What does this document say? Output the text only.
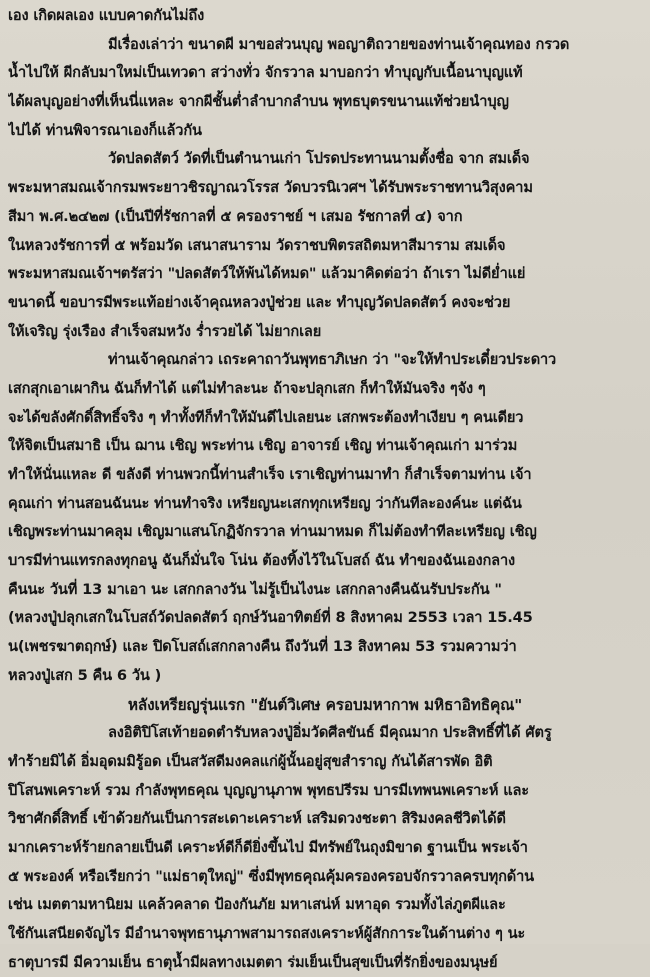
เอง เกิดผลเอง แบบคาดกันไม่ถึง
มีเรื่องเล่าว่า ขนาดผี มาขอส่วนบุญ พอญาติถวายของท่านเจ้าคุณทอง กรวด
น้ำไปให้ ผีกลับมาใหม่เป็นเทวดา สว่างทั่ว จักรวาล มาบอกว่า ทำบุญกับเนื้อนาบุญแท้
ได้ผลบุญอย่างที่เห็นนี่แหละ จากผีชั้นต่ำลำบากลำบน พุทธบุตรขนานแท้ช่วยนำบุญ
ไปได้ ท่านพิจารณาเองก็แล้วกัน
วัดปลดสัตว์ วัดที่เป็นตำนานเก่า โปรดประทานนามตั้งชื่อ จาก สมเด็จ
พระมหาสมณเจ้ากรมพระยาวชิรญาณวโรรส วัดบวรนิเวศฯ ได้รับพระราชทานวิสุงคาม
สีมา พ.ศ.๒๔๒๗ (เป็นปีที่รัชกาลที่ ๕ ครองราชย์ ฯ เสมอ รัชกาลที่ ๔) จาก
ในหลวงรัชการที่ ๕ พร้อมวัด เสนาสนาราม วัดราชบพิตรสถิตมหาสีมาราม สมเด็จ
พระมหาสมณเจ้าฯตรัสว่า "ปลดสัตว์ให้พ้นได้หมด" แล้วมาคิดต่อว่า ถ้าเรา ไม่ดีย่ำแย่
ขนาดนี้ ขอบารมีพระแท้อย่างเจ้าคุณหลวงปู่ช่วย และ ทำบุญวัดปลดสัตว์ คงจะช่วย
ให้เจริญ รุ่งเรือง สำเร็จสมหวัง ร่ำรวยได้ ไม่ยากเลย
ท่านเจ้าคุณกล่าว เถระคาถาวันพุทธาภิเษก ว่า "จะให้ทำประเดี๋ยวประดาว
เสกสุกเอาเผากิน ฉันก็ทำได้ แต่ไม่ทำละนะ ถ้าจะปลุกเสก ก็ทำให้มันจริง ๆจัง ๆ
จะได้ขลังศักดิ์สิทธิ์จริง ๆ ทำทั้งทีก็ทำให้มันดีไปเลยนะ เสกพระต้องทำเงียบ ๆ คนเดียว
ให้จิตเป็นสมาธิ เป็น ฌาน เชิญ พระท่าน เชิญ อาจารย์ เชิญ ท่านเจ้าคุณเก่า มาร่วม
ทำให้นั่นแหละ ดี ขลังดี ท่านพวกนี้ท่านสำเร็จ เราเชิญท่านมาทำ ก็สำเร็จตามท่าน เจ้า
คุณเก่า ท่านสอนฉันนะ ท่านทำจริง เหรียญนะเสกทุกเหรียญ ว่ากันทีละองค์นะ แต่ฉัน
เชิญพระท่านมาคลุม เชิญมาแสนโกฏิจักรวาล ท่านมาหมด ก็ไม่ต้องทำทีละเหรียญ เชิญ
บารมีท่านแทรกลงทุกอนู ฉันก็มั่นใจ โน่น ต้องทิ้งไว้ในโบสถ์ ฉัน ทำของฉันเองกลาง
คืนนะ วันที่ 13 มาเอา นะ เสกกลางวัน ไม่รู้เป็นไงนะ เสกกลางคืนฉันรับประกัน "
(หลวงปู่ปลุกเสกในโบสถ์วัดปลดสัตว์ ฤกษ์วันอาทิตย์ที่ 8 สิงหาคม 2553 เวลา 15.45
น(เพชรฆาตฤกษ์) และ ปิดโบสถ์เสกกลางคืน ถึงวันที่ 13 สิงหาคม 53 รวมความว่า
หลวงปู่เสก 5 คืน 6 วัน )
หลังเหรียญรุ่นแรก "ยันต์วิเศษ ครอบมหากาพ มหิธาอิทธิคุณ"
ลงอิติปิโสเท้ายอดตำรับหลวงปู่อิ่มวัดศีลขันธ์ มีคุณมาก ประสิทธิ์ที่ได้ ศัตรู
ทำร้ายมิได้ อิ่มอุดมมิรู้อด เป็นสวัสดีมงคลแก่ผู้นั้นอยู่สุขสำราญ กันได้สารพัด อิติ
ปิโสนพเคราะห์ รวม กำลังพุทธคุณ บุญญานุภาพ พุทธปรีรม บารมีเทพนพเคราะห์ และ
วิชาศักดิ์สิทธิ์ เข้าด้วยกันเป็นการสะเดาะเคราะห์ เสริมดวงชะตา สิริมงคลชีวิตได้ดี
มากเคราะห์ร้ายกลายเป็นดี เคราะห์ดีก็ดียิ่งขึ้นไป มีทรัพย์ในถุงมิขาด ฐานเป็น พระเจ้า
๕ พระองค์ หรือเรียกว่า "แม่ธาตุใหญ่" ซึ่งมีพุทธคุณคุ้มครองครอบจักรวาลครบทุกด้าน
เช่น เมตตามหานิยม แคล้วคลาด ป้องกันภัย มหาเสน่ห์ มหาอุด รวมทั้งไล่ภูตผีและ
ใช้กันเสนียดจัญไร มีอำนาจพุทธานุภาพสามารถสงเคราะห์ผู้สักการะในด้านต่าง ๆ นะ
ธาตุบารมี มีความเย็น ธาตุน้ำมีผลทางเมตตา ร่มเย็นเป็นสุขเป็นที่รักยิ่งของมนุษย์
